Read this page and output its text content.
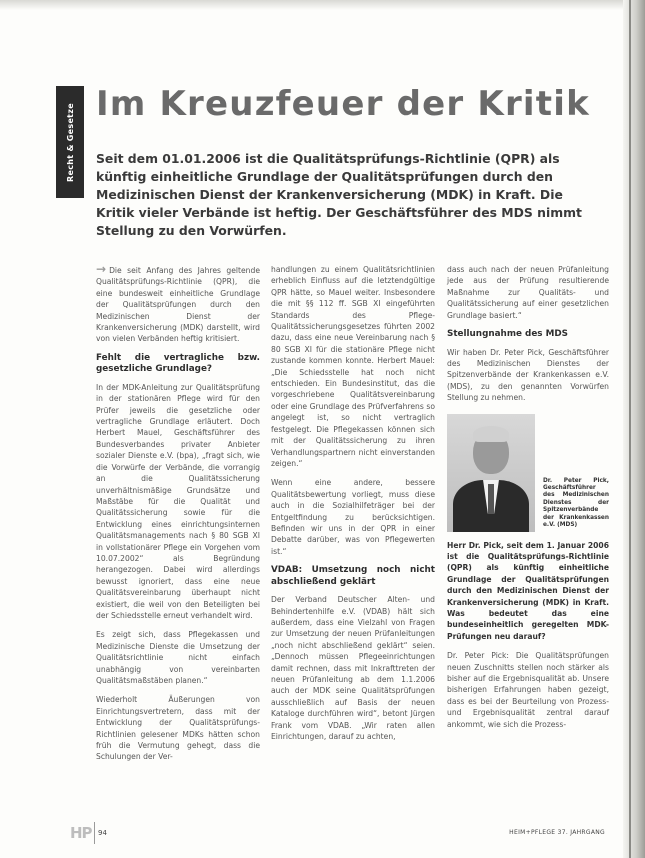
Recht & Gesetze Im Kreuzfeuer der Kritik

Seit dem 01.01.2006 ist die Qualitätsprüfungs-Richtlinie (QPR) als künftig einheitliche Grundlage der Qualitätsprüfungen durch den Medizinischen Dienst der Krankenversicherung (MDK) in Kraft. Die Kritik vieler Verbände ist heftig. Der Geschäftsführer des MDS nimmt Stellung zu den Vorwürfen.

→ Die seit Anfang des Jahres geltende Qualitätsprüfungs-Richtlinie (QPR), die eine bundesweit einheitliche Grundlage der Qualitätsprüfungen durch den Medizinischen Dienst der Krankenversicherung (MDK) darstellt, wird von vielen Verbänden heftig kritisiert.

Fehlt die vertragliche bzw. gesetzliche Grundlage?

In der MDK-Anleitung zur Qualitätsprüfung in der stationären Pflege wird für den Prüfer jeweils die gesetzliche oder vertragliche Grundlage erläutert. Doch Herbert Mauel, Geschäftsführer des Bundesverbandes privater Anbieter sozialer Dienste e.V. (bpa), „fragt sich, wie die Vorwürfe der Verbände, die vorrangig an die Qualitätssicherung unverhältnismäßige Grundsätze und Maßstäbe für die Qualität und Qualitätssicherung sowie für die Entwicklung eines einrichtungsinternen Qualitätsmanagements nach § 80 SGB XI in vollstationärer Pflege ein Vorgehen vom 10.07.2002“ als Begründung herangezogen. Dabei wird allerdings bewusst ignoriert, dass eine neue Qualitätsvereinbarung überhaupt nicht existiert, die weil von den Beteiligten bei der Schiedsstelle erneut verhandelt wird.

Es zeigt sich, dass Pflegekassen und Medizinische Dienste die Umsetzung der Qualitätsrichtlinie nicht einfach unabhängig von vereinbarten Qualitätsmaßstäben planen.“

Wiederholt Äußerungen von Einrichtungsvertretern, dass mit der Entwicklung der Qualitätsprüfungs-Richtlinien gelesener MDKs hätten schon früh die Vermutung gehegt, dass die Schulungen der Ver-

handlungen zu einem Qualitätsrichtlinien erheblich Einfluss auf die letztendgültige QPR hätte, so Mauel weiter. Insbesondere die mit §§ 112 ff. SGB XI eingeführten Standards des Pflege-Qualitätssicherungsgesetzes führten 2002 dazu, dass eine neue Vereinbarung nach § 80 SGB XI für die stationäre Pflege nicht zustande kommen konnte. Herbert Mauel: „Die Schiedsstelle hat noch nicht entschieden. Ein Bundesinstitut, das die vorgeschriebene Qualitätsvereinbarung oder eine Grundlage des Prüfverfahrens so angelegt ist, so nicht vertraglich festgelegt. Die Pflegekassen können sich mit der Qualitätssicherung zu ihren Verhandlungspartnern nicht einverstanden zeigen.“

Wenn eine andere, bessere Qualitätsbewertung vorliegt, muss diese auch in die Sozialhilfeträger bei der Entgeltfindung zu berücksichtigen. Befinden wir uns in der QPR in einer Debatte darüber, was von Pflegewerten ist.“

VDAB: Umsetzung noch nicht abschließend geklärt

Der Verband Deutscher Alten- und Behindertenhilfe e.V. (VDAB) hält sich außerdem, dass eine Vielzahl von Fragen zur Umsetzung der neuen Prüfanleitungen „noch nicht abschließend geklärt“ seien. „Dennoch müssen Pflegeeinrichtungen damit rechnen, dass mit Inkrafttreten der neuen Prüfanleitung ab dem 1.1.2006 auch der MDK seine Qualitätsprüfungen ausschließlich auf Basis der neuen Kataloge durchführen wird“, betont Jürgen Frank vom VDAB. „Wir raten allen Einrichtungen, darauf zu achten,

dass auch nach der neuen Prüfanleitung jede aus der Prüfung resultierende Maßnahme zur Qualitäts- und Qualitätssicherung auf einer gesetzlichen Grundlage basiert.“

Stellungnahme des MDS

Wir haben Dr. Peter Pick, Geschäftsführer des Medizinischen Dienstes der Spitzenverbände der Krankenkassen e.V. (MDS), zu den genannten Vorwürfen Stellung zu nehmen.

Dr. Peter Pick, Geschäftsführer des Medizinischen Dienstes der Spitzenverbände der Krankenkassen e.V. (MDS)

Herr Dr. Pick, seit dem 1. Januar 2006 ist die Qualitätsprüfungs-Richtlinie (QPR) als künftig einheitliche Grundlage der Qualitätsprüfungen durch den Medizinischen Dienst der Krankenversicherung (MDK) in Kraft. Was bedeutet das eine bundeseinheitlich geregelten MDK-Prüfungen neu darauf?

Dr. Peter Pick: Die Qualitätsprüfungen neuen Zuschnitts stellen noch stärker als bisher auf die Ergebnisqualität ab. Unsere bisherigen Erfahrungen haben gezeigt, dass es bei der Beurteilung von Prozess- und Ergebnisqualität zentral darauf ankommt, wie sich die Prozess-

HP 94	HEIM+PFLEGE 37. JAHRGANG
